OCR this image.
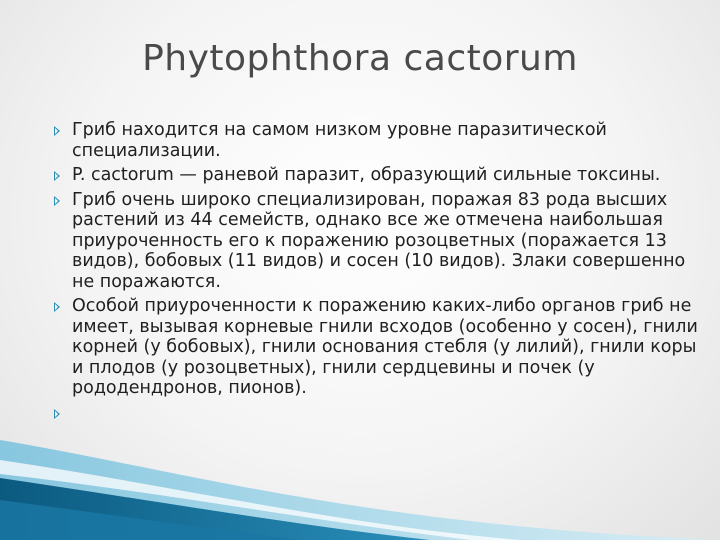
Phytophthora cactorum
Гриб находится на самом низком уровне паразитической специализации.
P. cactorum — раневой паразит, образующий сильные токсины.
Гриб очень широко специализирован, поражая 83 рода высших растений из 44 семейств, однако все же отмечена наибольшая приуроченность его к поражению розоцветных (поражается 13 видов), бобовых (11 видов) и сосен (10 видов). Злаки совершенно не поражаются.
Особой приуроченности к поражению каких-либо органов гриб не имеет, вызывая корневые гнили всходов (особенно у сосен), гнили корней (у бобовых), гнили основания стебля (у лилий), гнили коры и плодов (у розоцветных), гнили сердцевины и почек (у рододендронов, пионов).
